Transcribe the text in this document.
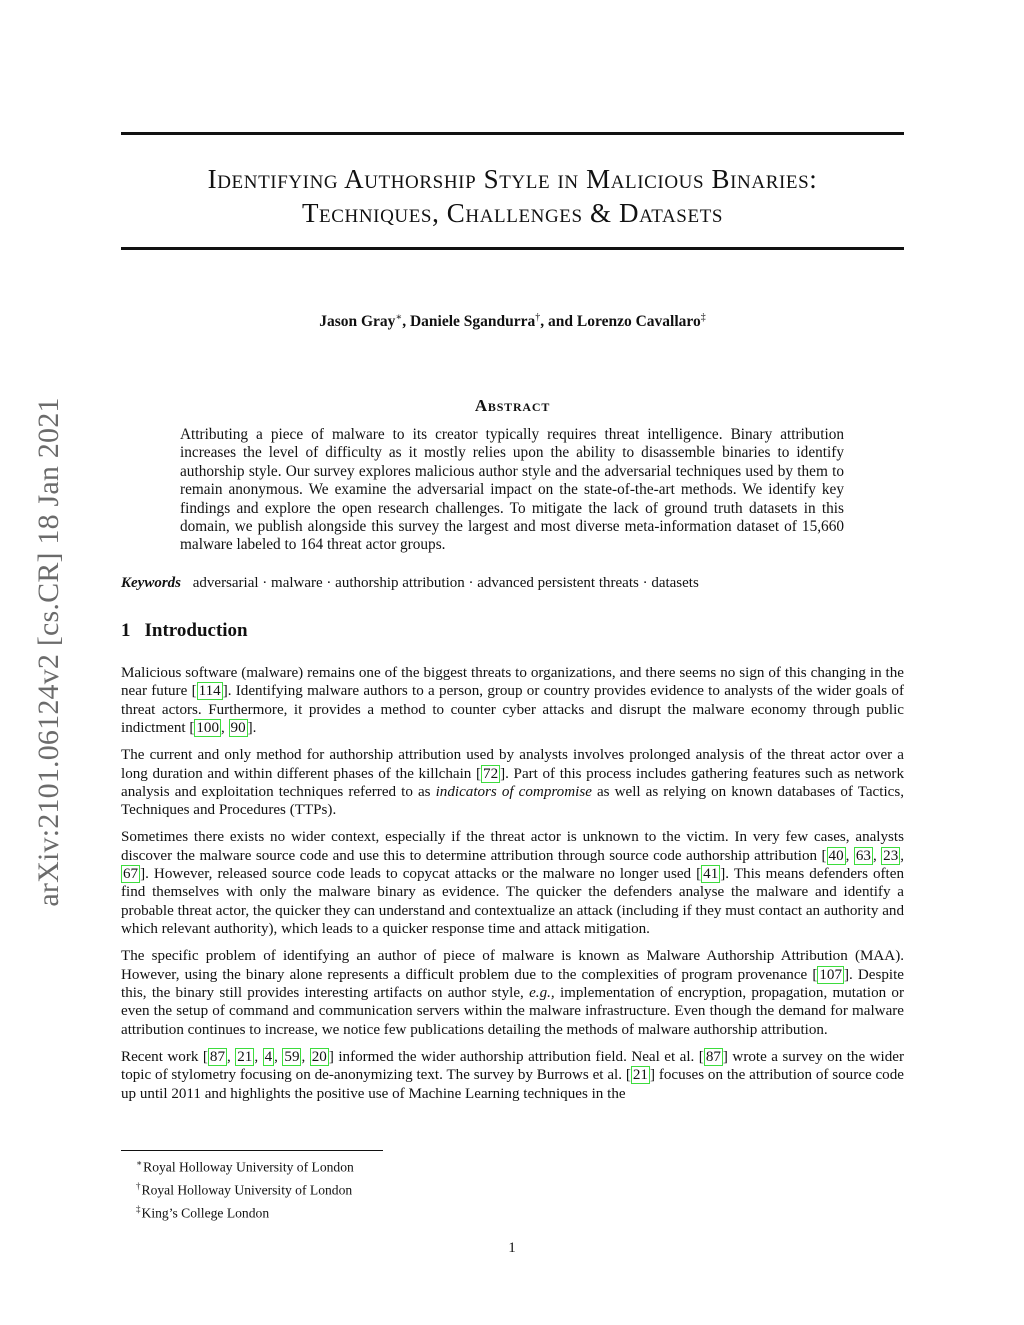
arXiv:2101.06124v2 [cs.CR] 18 Jan 2021
Identifying Authorship Style in Malicious Binaries:
Techniques, Challenges & Datasets
Jason Gray∗, Daniele Sgandurra†, and Lorenzo Cavallaro‡
Abstract

Attributing a piece of malware to its creator typically requires threat intelligence. Binary attribution increases the level of difficulty as it mostly relies upon the ability to disassemble binaries to identify authorship style. Our survey explores malicious author style and the adversarial techniques used by them to remain anonymous. We examine the adversarial impact on the state-of-the-art methods. We identify key findings and explore the open research challenges. To mitigate the lack of ground truth datasets in this domain, we publish alongside this survey the largest and most diverse meta-information dataset of 15,660 malware labeled to 164 threat actor groups.

Keywords adversarial · malware · authorship attribution · advanced persistent threats · datasets
1 Introduction

Malicious software (malware) remains one of the biggest threats to organizations, and there seems no sign of this changing in the near future [ 114 ]. Identifying malware authors to a person, group or country provides evidence to analysts of the wider goals of threat actors. Furthermore, it provides a method to counter cyber attacks and disrupt the malware economy through public indictment [ 100 , 90 ].

The current and only method for authorship attribution used by analysts involves prolonged analysis of the threat actor over a long duration and within different phases of the killchain [ 72 ]. Part of this process includes gathering features such as network analysis and exploitation techniques referred to as indicators of compromise as well as relying on known databases of Tactics, Techniques and Procedures (TTPs).

Sometimes there exists no wider context, especially if the threat actor is unknown to the victim. In very few cases, analysts discover the malware source code and use this to determine attribution through source code authorship attribution [ 40 , 63 , 23 , 67 ]. However, released source code leads to copycat attacks or the malware no longer used [ 41 ]. This means defenders often find themselves with only the malware binary as evidence. The quicker the defenders analyse the malware and identify a probable threat actor, the quicker they can understand and contextualize an attack (including if they must contact an authority and which relevant authority), which leads to a quicker response time and attack mitigation.

The specific problem of identifying an author of piece of malware is known as Malware Authorship Attribution (MAA). However, using the binary alone represents a difficult problem due to the complexities of program provenance [ 107 ]. Despite this, the binary still provides interesting artifacts on author style, e.g., implementation of encryption, propagation, mutation or even the setup of command and communication servers within the malware infrastructure. Even though the demand for malware attribution continues to increase, we notice few publications detailing the methods of malware authorship attribution.

Recent work [ 87 , 21 , 4 , 59 , 20 ] informed the wider authorship attribution field. Neal et al. [ 87 ] wrote a survey on the wider topic of stylometry focusing on de-anonymizing text. The survey by Burrows et al. [ 21 ] focuses on the attribution of source code up until 2011 and highlights the positive use of Machine Learning techniques in the

∗Royal Holloway University of London
†Royal Holloway University of London
‡King’s College London
1
